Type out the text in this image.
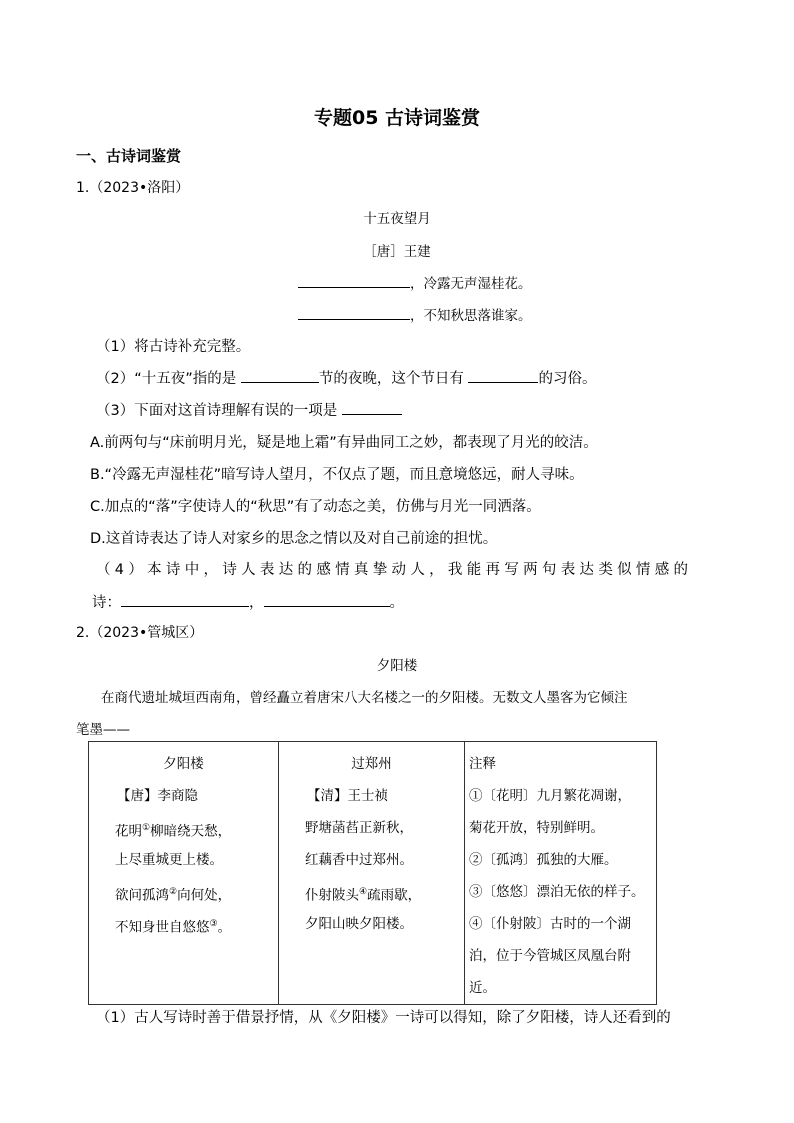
专题05 古诗词鉴赏
一、古诗词鉴赏
1.（2023•洛阳）
十五夜望月
［唐］王建
，冷露无声湿桂花。
，不知秋思落谁家。
（1）将古诗补充完整。
（2）“十五夜”指的是	节的夜晚，这个节日有	的习俗。
（3）下面对这首诗理解有误的一项是
A.前两句与“床前明月光，疑是地上霜”有异曲同工之妙，都表现了月光的皎洁。
B.“冷露无声湿桂花”暗写诗人望月，不仅点了题，而且意境悠远，耐人寻味。
C.加点的“落”字使诗人的“秋思”有了动态之美，仿佛与月光一同洒落。
D.这首诗表达了诗人对家乡的思念之情以及对自己前途的担忧。
（4）本诗中，诗人表达的感情真挚动人，我能再写两句表达类似情感的
诗：	，	。
2.（2023•管城区）
夕阳楼
在商代遗址城垣西南角，曾经矗立着唐宋八大名楼之一的夕阳楼。无数文人墨客为它倾注
笔墨——
夕阳楼
【唐】李商隐
花明①柳暗绕天愁，
上尽重城更上楼。
欲问孤鸿②向何处，
不知身世自悠悠③。

过郑州
【清】王士祯
野塘菡萏正新秋，
红藕香中过郑州。
仆射陂头④疏雨歇，
夕阳山映夕阳楼。

注释
①〔花明〕九月繁花凋谢，
菊花开放，特别鲜明。
②〔孤鸿〕孤独的大雁。
③〔悠悠〕漂泊无依的样子。
④〔仆射陂〕古时的一个湖
泊，位于今管城区凤凰台附
近。
（1）古人写诗时善于借景抒情，从《夕阳楼》一诗可以得知，除了夕阳楼，诗人还看到的
